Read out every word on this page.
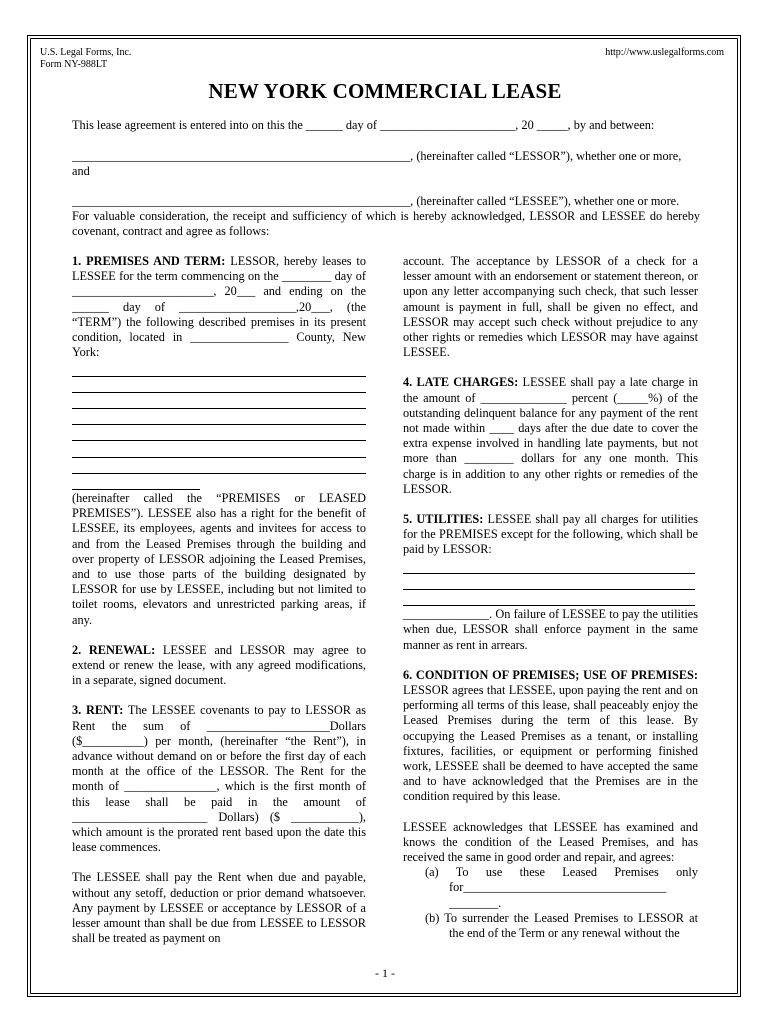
U.S. Legal Forms, Inc.
Form NY-988LT
http://www.uslegalforms.com
NEW YORK COMMERCIAL LEASE

This lease agreement is entered into on this the ______ day of ______________________, 20 _____, by and between:

_______________________________________________________, (hereinafter called “LESSOR”), whether one or more,

and

_______________________________________________________, (hereinafter called “LESSEE”), whether one or more.

For valuable consideration, the receipt and sufficiency of which is hereby acknowledged, LESSOR and LESSEE do hereby covenant, contract and agree as follows:

1. PREMISES AND TERM: LESSOR, hereby leases to LESSEE for the term commencing on the ________ day of _______________________, 20___ and ending on the ______ day of ___________________,20___, (the “TERM”) the following described premises in its present condition, located in ________________ County, New York:

(hereinafter called the “PREMISES or LEASED PREMISES”). LESSEE also has a right for the benefit of LESSEE, its employees, agents and invitees for access to and from the Leased Premises through the building and over property of LESSOR adjoining the Leased Premises, and to use those parts of the building designated by LESSOR for use by LESSEE, including but not limited to toilet rooms, elevators and unrestricted parking areas, if any.

2. RENEWAL: LESSEE and LESSOR may agree to extend or renew the lease, with any agreed modifications, in a separate, signed document.

3. RENT: The LESSEE covenants to pay to LESSOR as Rent the sum of ____________________Dollars ($__________) per month, (hereinafter “the Rent”), in advance without demand on or before the first day of each month at the office of the LESSOR. The Rent for the month of _______________, which is the first month of this lease shall be paid in the amount of ______________________ Dollars) ($ ___________), which amount is the prorated rent based upon the date this lease commences.

The LESSEE shall pay the Rent when due and payable, without any setoff, deduction or prior demand whatsoever. Any payment by LESSEE or acceptance by LESSOR of a lesser amount than shall be due from LESSEE to LESSOR shall be treated as payment on

account. The acceptance by LESSOR of a check for a lesser amount with an endorsement or statement thereon, or upon any letter accompanying such check, that such lesser amount is payment in full, shall be given no effect, and LESSOR may accept such check without prejudice to any other rights or remedies which LESSOR may have against LESSEE.

4. LATE CHARGES: LESSEE shall pay a late charge in the amount of ______________ percent (_____%) of the outstanding delinquent balance for any payment of the rent not made within ____ days after the due date to cover the extra expense involved in handling late payments, but not more than ________ dollars for any one month. This charge is in addition to any other rights or remedies of the LESSOR.

5. UTILITIES: LESSEE shall pay all charges for utilities for the PREMISES except for the following, which shall be paid by LESSOR:

______________. On failure of LESSEE to pay the utilities when due, LESSOR shall enforce payment in the same manner as rent in arrears.

6. CONDITION OF PREMISES; USE OF PREMISES: LESSOR agrees that LESSEE, upon paying the rent and on performing all terms of this lease, shall peaceably enjoy the Leased Premises during the term of this lease. By occupying the Leased Premises as a tenant, or installing fixtures, facilities, or equipment or performing finished work, LESSEE shall be deemed to have accepted the same and to have acknowledged that the Premises are in the condition required by this lease.

LESSEE acknowledges that LESSEE has examined and knows the condition of the Leased Premises, and has received the same in good order and repair, and agrees:

(a) To use these Leased Premises only for_________________________________ ________.

(b) To surrender the Leased Premises to LESSOR at the end of the Term or any renewal without the

- 1 -
